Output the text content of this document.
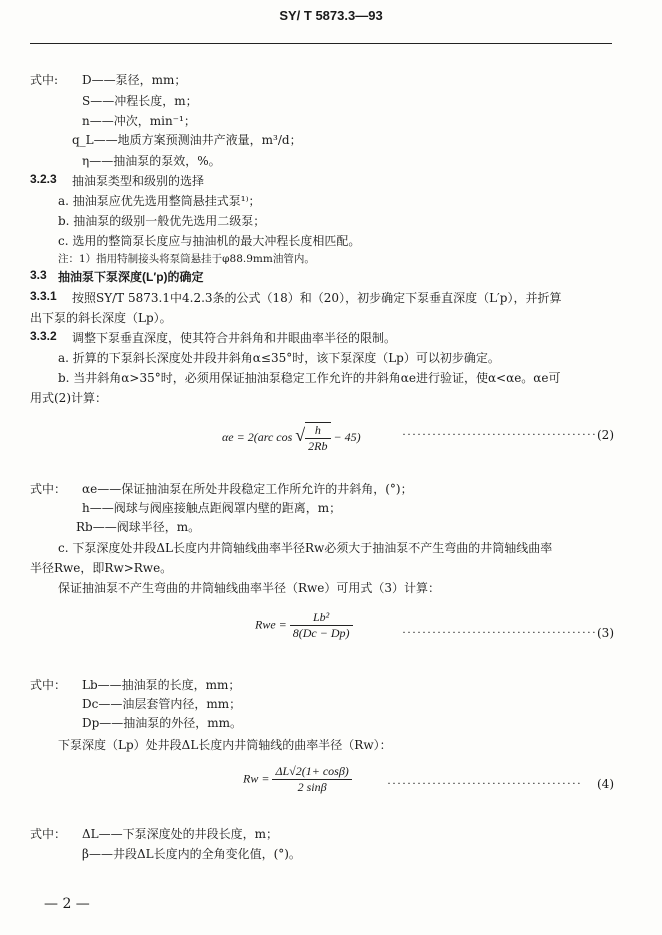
SY/ T 5873.3—93
式中: D——泵径，mm；
S——冲程长度，m；
n——冲次，min⁻¹；
q_L——地质方案预测油井产液量，m³/d；
η——抽油泵的泵效，%。
3.2.3 抽油泵类型和级别的选择
a. 抽油泵应优先选用整筒悬挂式泵¹⁾；
b. 抽油泵的级别一般优先选用二级泵；
c. 选用的整筒泵长度应与抽油机的最大冲程长度相匹配。
注：1）指用特制接头将泵筒悬挂于φ88.9mm油管内。
3.3 抽油泵下泵深度(L′p)的确定
3.3.1 按照SY/T 5873.1中4.2.3条的公式（18）和（20），初步确定下泵垂直深度（L′p），并折算
出下泵的斜长深度（Lp）。
3.3.2 调整下泵垂直深度，使其符合井斜角和井眼曲率半径的限制。
a. 折算的下泵斜长深度处井段井斜角α≤35°时，该下泵深度（Lp）可以初步确定。
b. 当井斜角α>35°时，必须用保证抽油泵稳定工作允许的井斜角αe进行验证，使α<αe。αe可
用式(2)计算：
αe = 2(arc cos √ $\frac{h}{2Rb} - 45$)	······································· (2)
式中： αe——保证抽油泵在所处井段稳定工作所允许的井斜角，(°)；
h——阀球与阀座接触点距阀罩内壁的距离，m；
Rb——阀球半径，m。
c. 下泵深度处井段ΔL长度内井筒轴线曲率半径Rw必须大于抽油泵不产生弯曲的井筒轴线曲率
半径Rwe，即Rw>Rwe。
保证抽油泵不产生弯曲的井筒轴线曲率半径（Rwe）可用式（3）计算：
Rwe = $\frac{\text{Lb²}}{8(Dc - Dp)}$	······································· (3)
式中： Lb——抽油泵的长度，mm；
Dc——油层套管内径，mm；
Dp——抽油泵的外径，mm。
下泵深度（Lp）处井段ΔL长度内井筒轴线的曲率半径（Rw）：
$Rw = \frac{\Delta L√2(1+ \cos\beta)}{2 \sin\beta}$	······································· (4)
式中： ΔL——下泵深度处的井段长度，m；
β——井段ΔL长度内的全角变化值，(°)。
— 2 —
